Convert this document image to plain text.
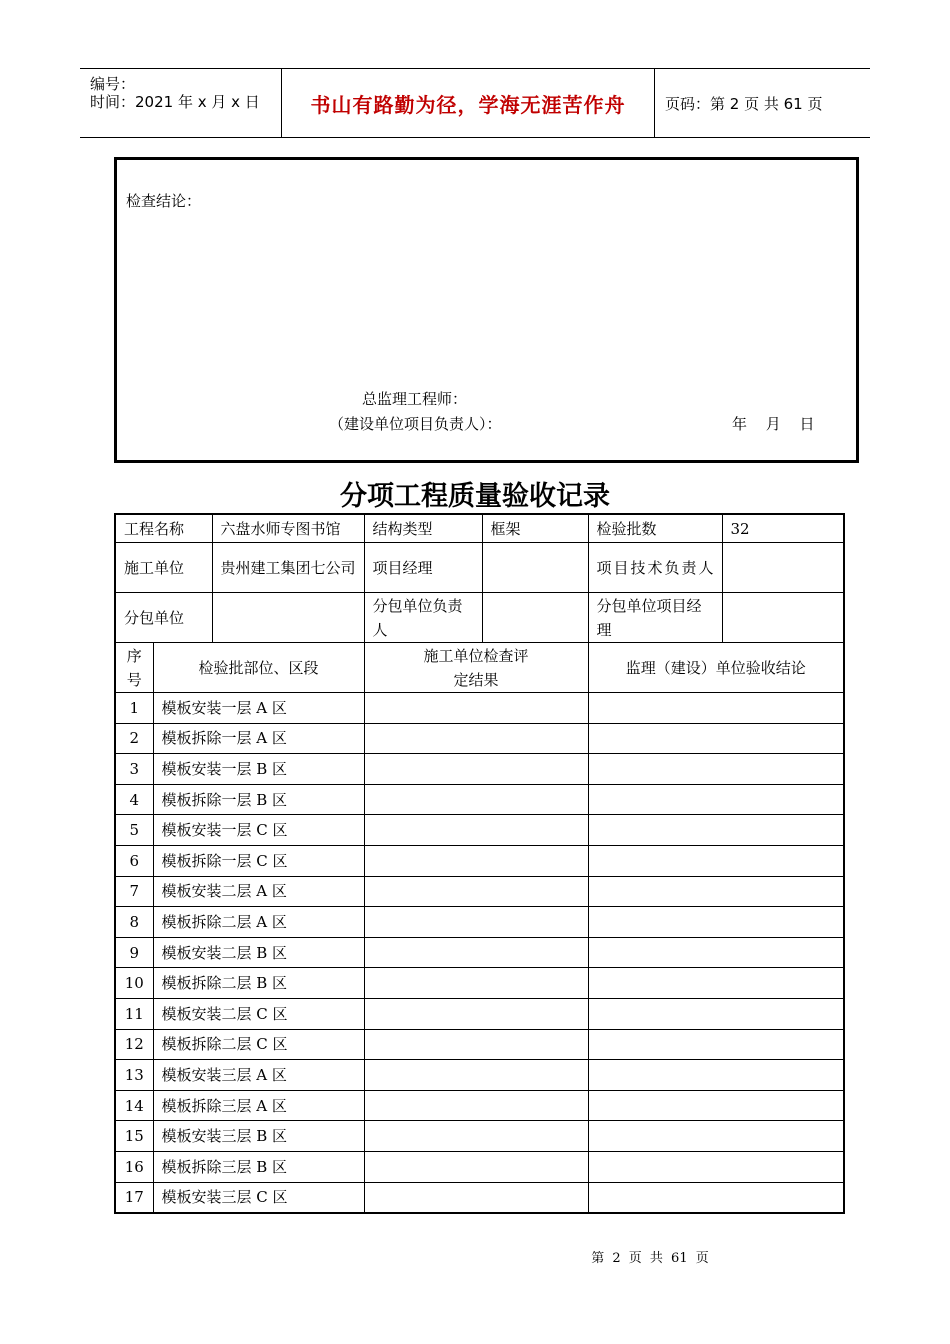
编号：
时间：2021 年 x 月 x 日	书山有路勤为径，学海无涯苦作舟	页码：第 2 页 共 61 页
检查结论：
总监理工程师：
（建设单位项目负责人）：	年 月 日
分项工程质量验收记录
工程名称		六盘水师专图书馆	结构类型	框架	检验批数	32
施工单位		贵州建工集团七公司	项目经理		项目技术负责人	
分包单位			分包单位负责人		分包单位项目经理	
序号	检验批部位、区段		施工单位检查评定结果		监理（建设）单位验收结论	
1	模板安装一层 A 区					
2	模板拆除一层 A 区					
3	模板安装一层 B 区					
4	模板拆除一层 B 区					
5	模板安装一层 C 区					
6	模板拆除一层 C 区					
7	模板安装二层 A 区					
8	模板拆除二层 A 区					
9	模板安装二层 B 区					
10	模板拆除二层 B 区					
11	模板安装二层 C 区					
12	模板拆除二层 C 区					
13	模板安装三层 A 区					
14	模板拆除三层 A 区					
15	模板安装三层 B 区					
16	模板拆除三层 B 区					
17	模板安装三层 C 区					
第 2 页 共 61 页
